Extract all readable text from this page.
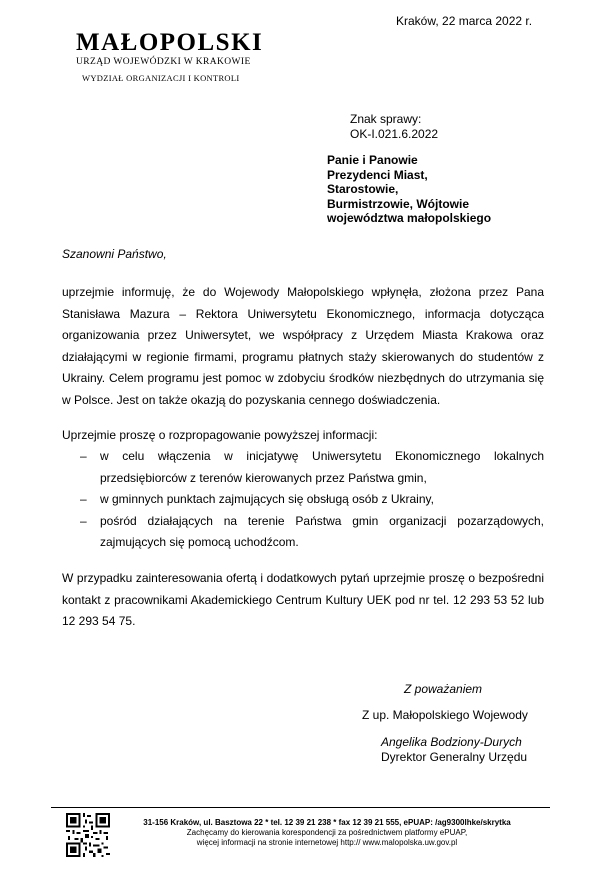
MAŁOPOLSKI
URZĄD WOJEWÓDZKI W KRAKOWIE
WYDZIAŁ ORGANIZACJI I KONTROLI
Kraków, 22 marca 2022 r.
Znak sprawy:
OK-I.021.6.2022
Panie i Panowie
Prezydenci Miast,
Starostowie,
Burmistrzowie, Wójtowie
województwa małopolskiego
Szanowni Państwo,
uprzejmie informuję, że do Wojewody Małopolskiego wpłynęła, złożona przez Pana Stanisława Mazura – Rektora Uniwersytetu Ekonomicznego, informacja dotycząca organizowania przez Uniwersytet, we współpracy z Urzędem Miasta Krakowa oraz działającymi w regionie firmami, programu płatnych staży skierowanych do studentów z Ukrainy. Celem programu jest pomoc w zdobyciu środków niezbędnych do utrzymania się w Polsce. Jest on także okazją do pozyskania cennego doświadczenia.
Uprzejmie proszę o rozpropagowanie powyższej informacji:
– w celu włączenia w inicjatywę Uniwersytetu Ekonomicznego lokalnych przedsiębiorców z terenów kierowanych przez Państwa gmin,
– w gminnych punktach zajmujących się obsługą osób z Ukrainy,
– pośród działających na terenie Państwa gmin organizacji pozarządowych, zajmujących się pomocą uchodźcom.
W przypadku zainteresowania ofertą i dodatkowych pytań uprzejmie proszę o bezpośredni kontakt z pracownikami Akademickiego Centrum Kultury UEK pod nr tel. 12 293 53 52 lub 12 293 54 75.
Z poważaniem
Z up. Małopolskiego Wojewody
Angelika Bodziony-Durych
Dyrektor Generalny Urzędu
31-156 Kraków, ul. Basztowa 22 * tel. 12 39 21 238 * fax 12 39 21 555, ePUAP: /ag9300lhke/skrytka
Zachęcamy do kierowania korespondencji za pośrednictwem platformy ePUAP,
więcej informacji na stronie internetowej http:// www.malopolska.uw.gov.pl
